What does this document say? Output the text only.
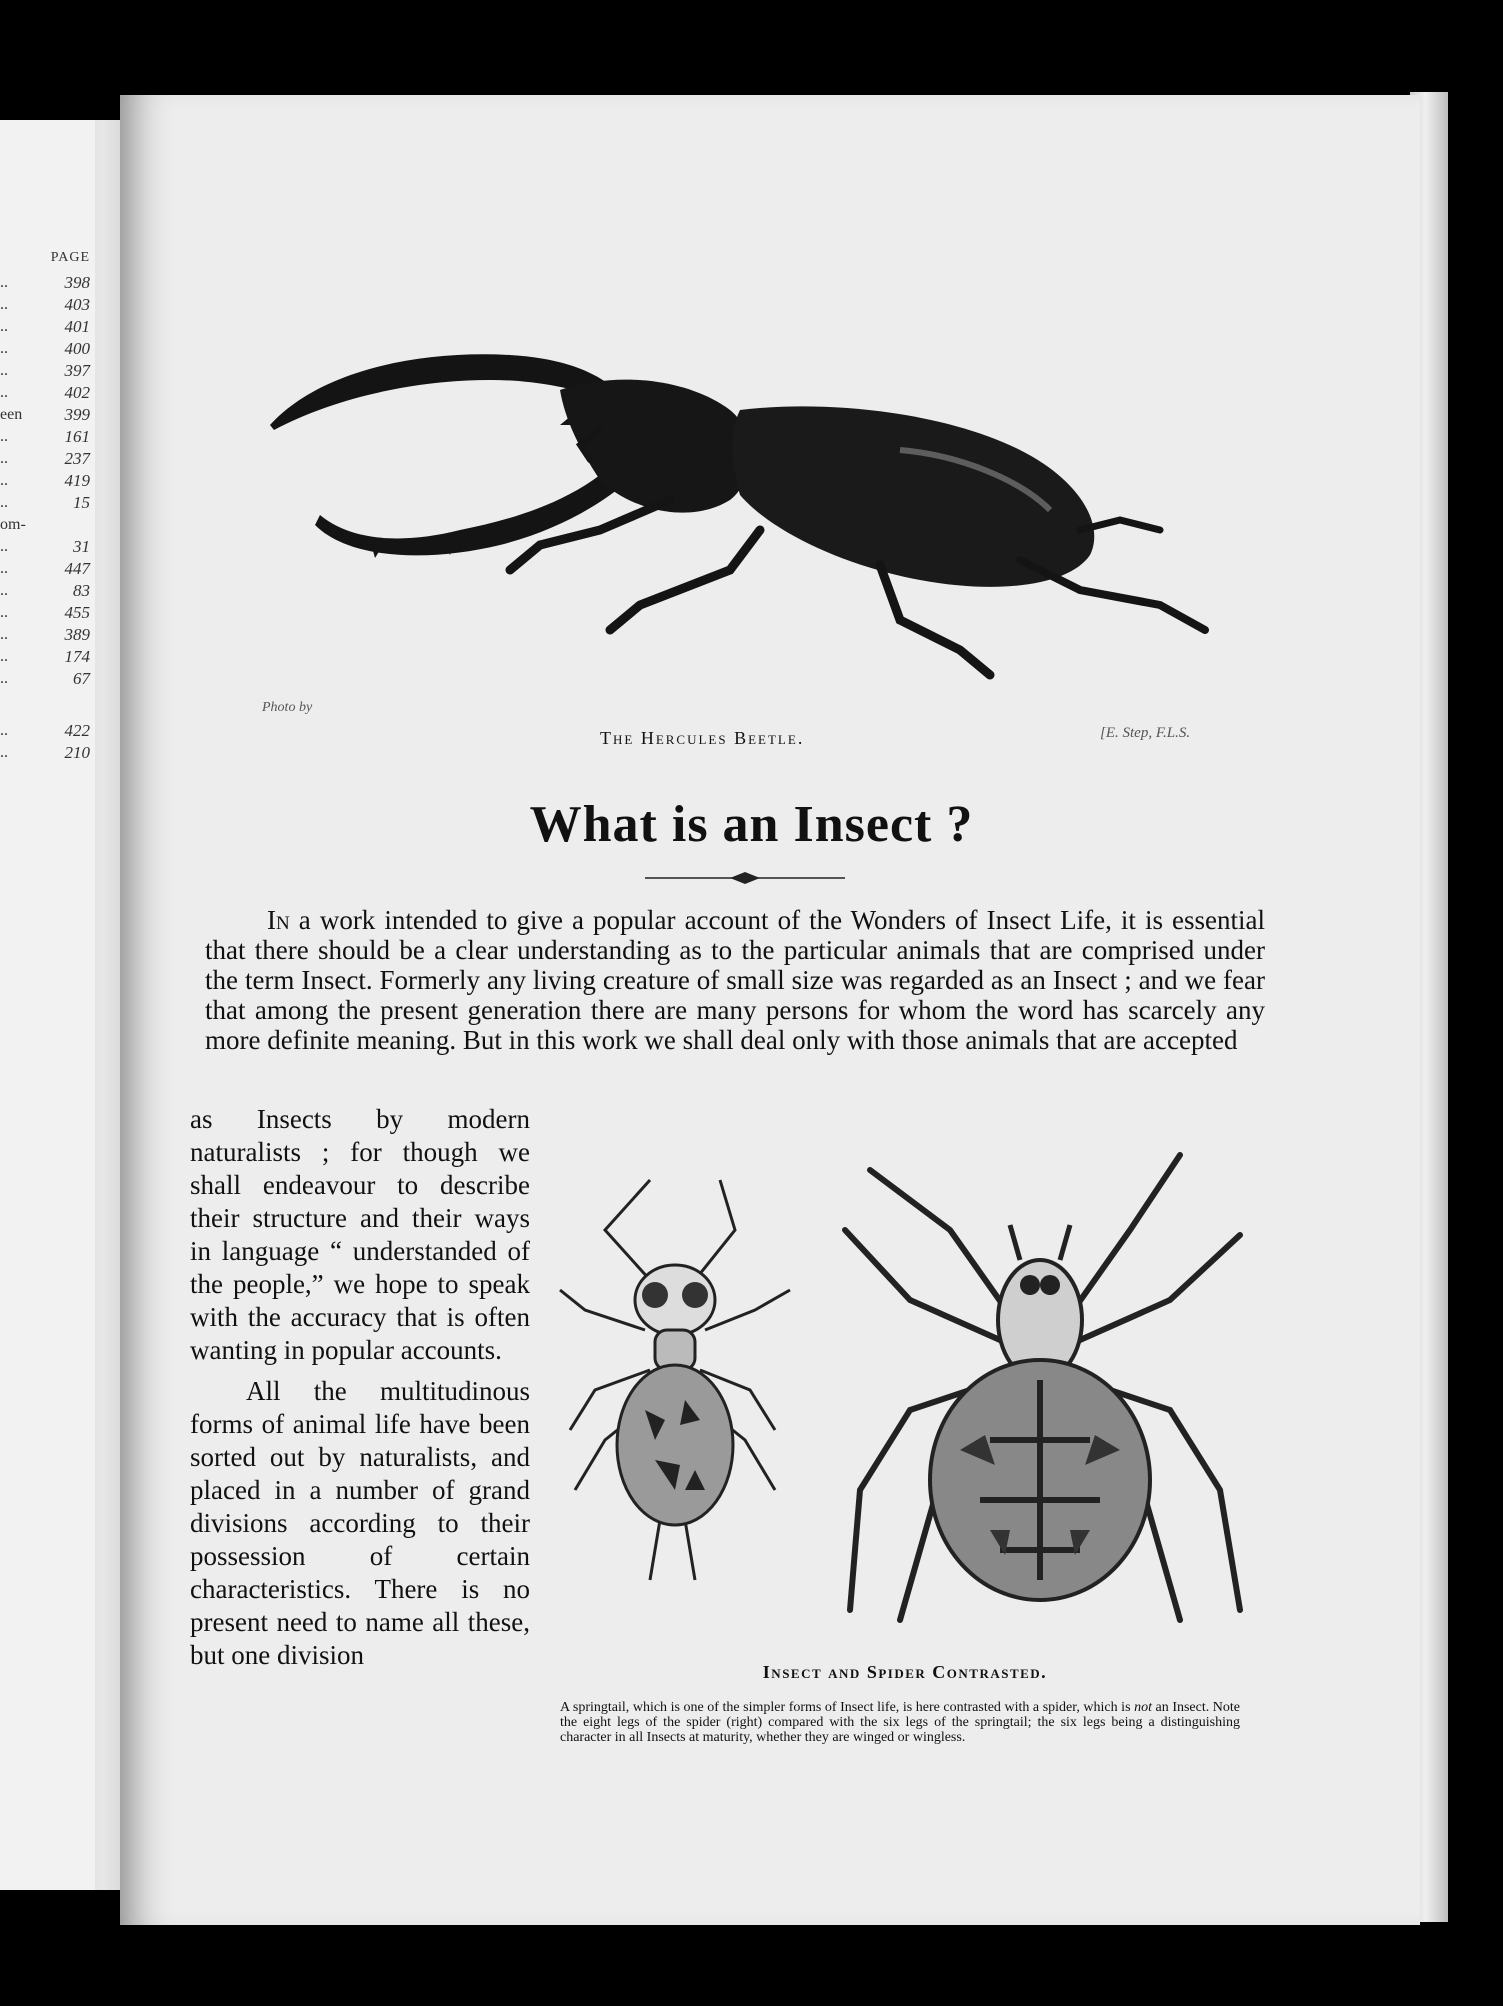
PAGE
..	398
..	403
..	401
..	400
..	397
..	402
een 399
..	161
..	237
..	419
..	15
om-
..	31
..	447
..	83
..	455
..	389
..	174
..	67
..	422
..	210
Photo by
The Hercules Beetle.	[E. Step, F.L.S.
What is an Insect ?
In a work intended to give a popular account of the Wonders of Insect Life, it is essential that there should be a clear understanding as to the particular animals that are comprised under the term Insect. Formerly any living creature of small size was regarded as an Insect ; and we fear that among the present generation there are many persons for whom the word has scarcely any more definite meaning. But in this work we shall deal only with those animals that are accepted

as Insects by modern naturalists ; for though we shall endeavour to describe their structure and their ways in language “ understanded of the people,” we hope to speak with the accuracy that is often wanting in popular accounts.

All the multitudinous forms of animal life have been sorted out by naturalists, and placed in a number of grand divisions according to their possession of certain characteristics. There is no present need to name all these, but one division

Insect and Spider Contrasted.
A springtail, which is one of the simpler forms of Insect life, is here contrasted with a spider, which is not an Insect. Note the eight legs of the spider (right) compared with the six legs of the springtail; the six legs being a distinguishing character in all Insects at maturity, whether they are winged or wingless.
